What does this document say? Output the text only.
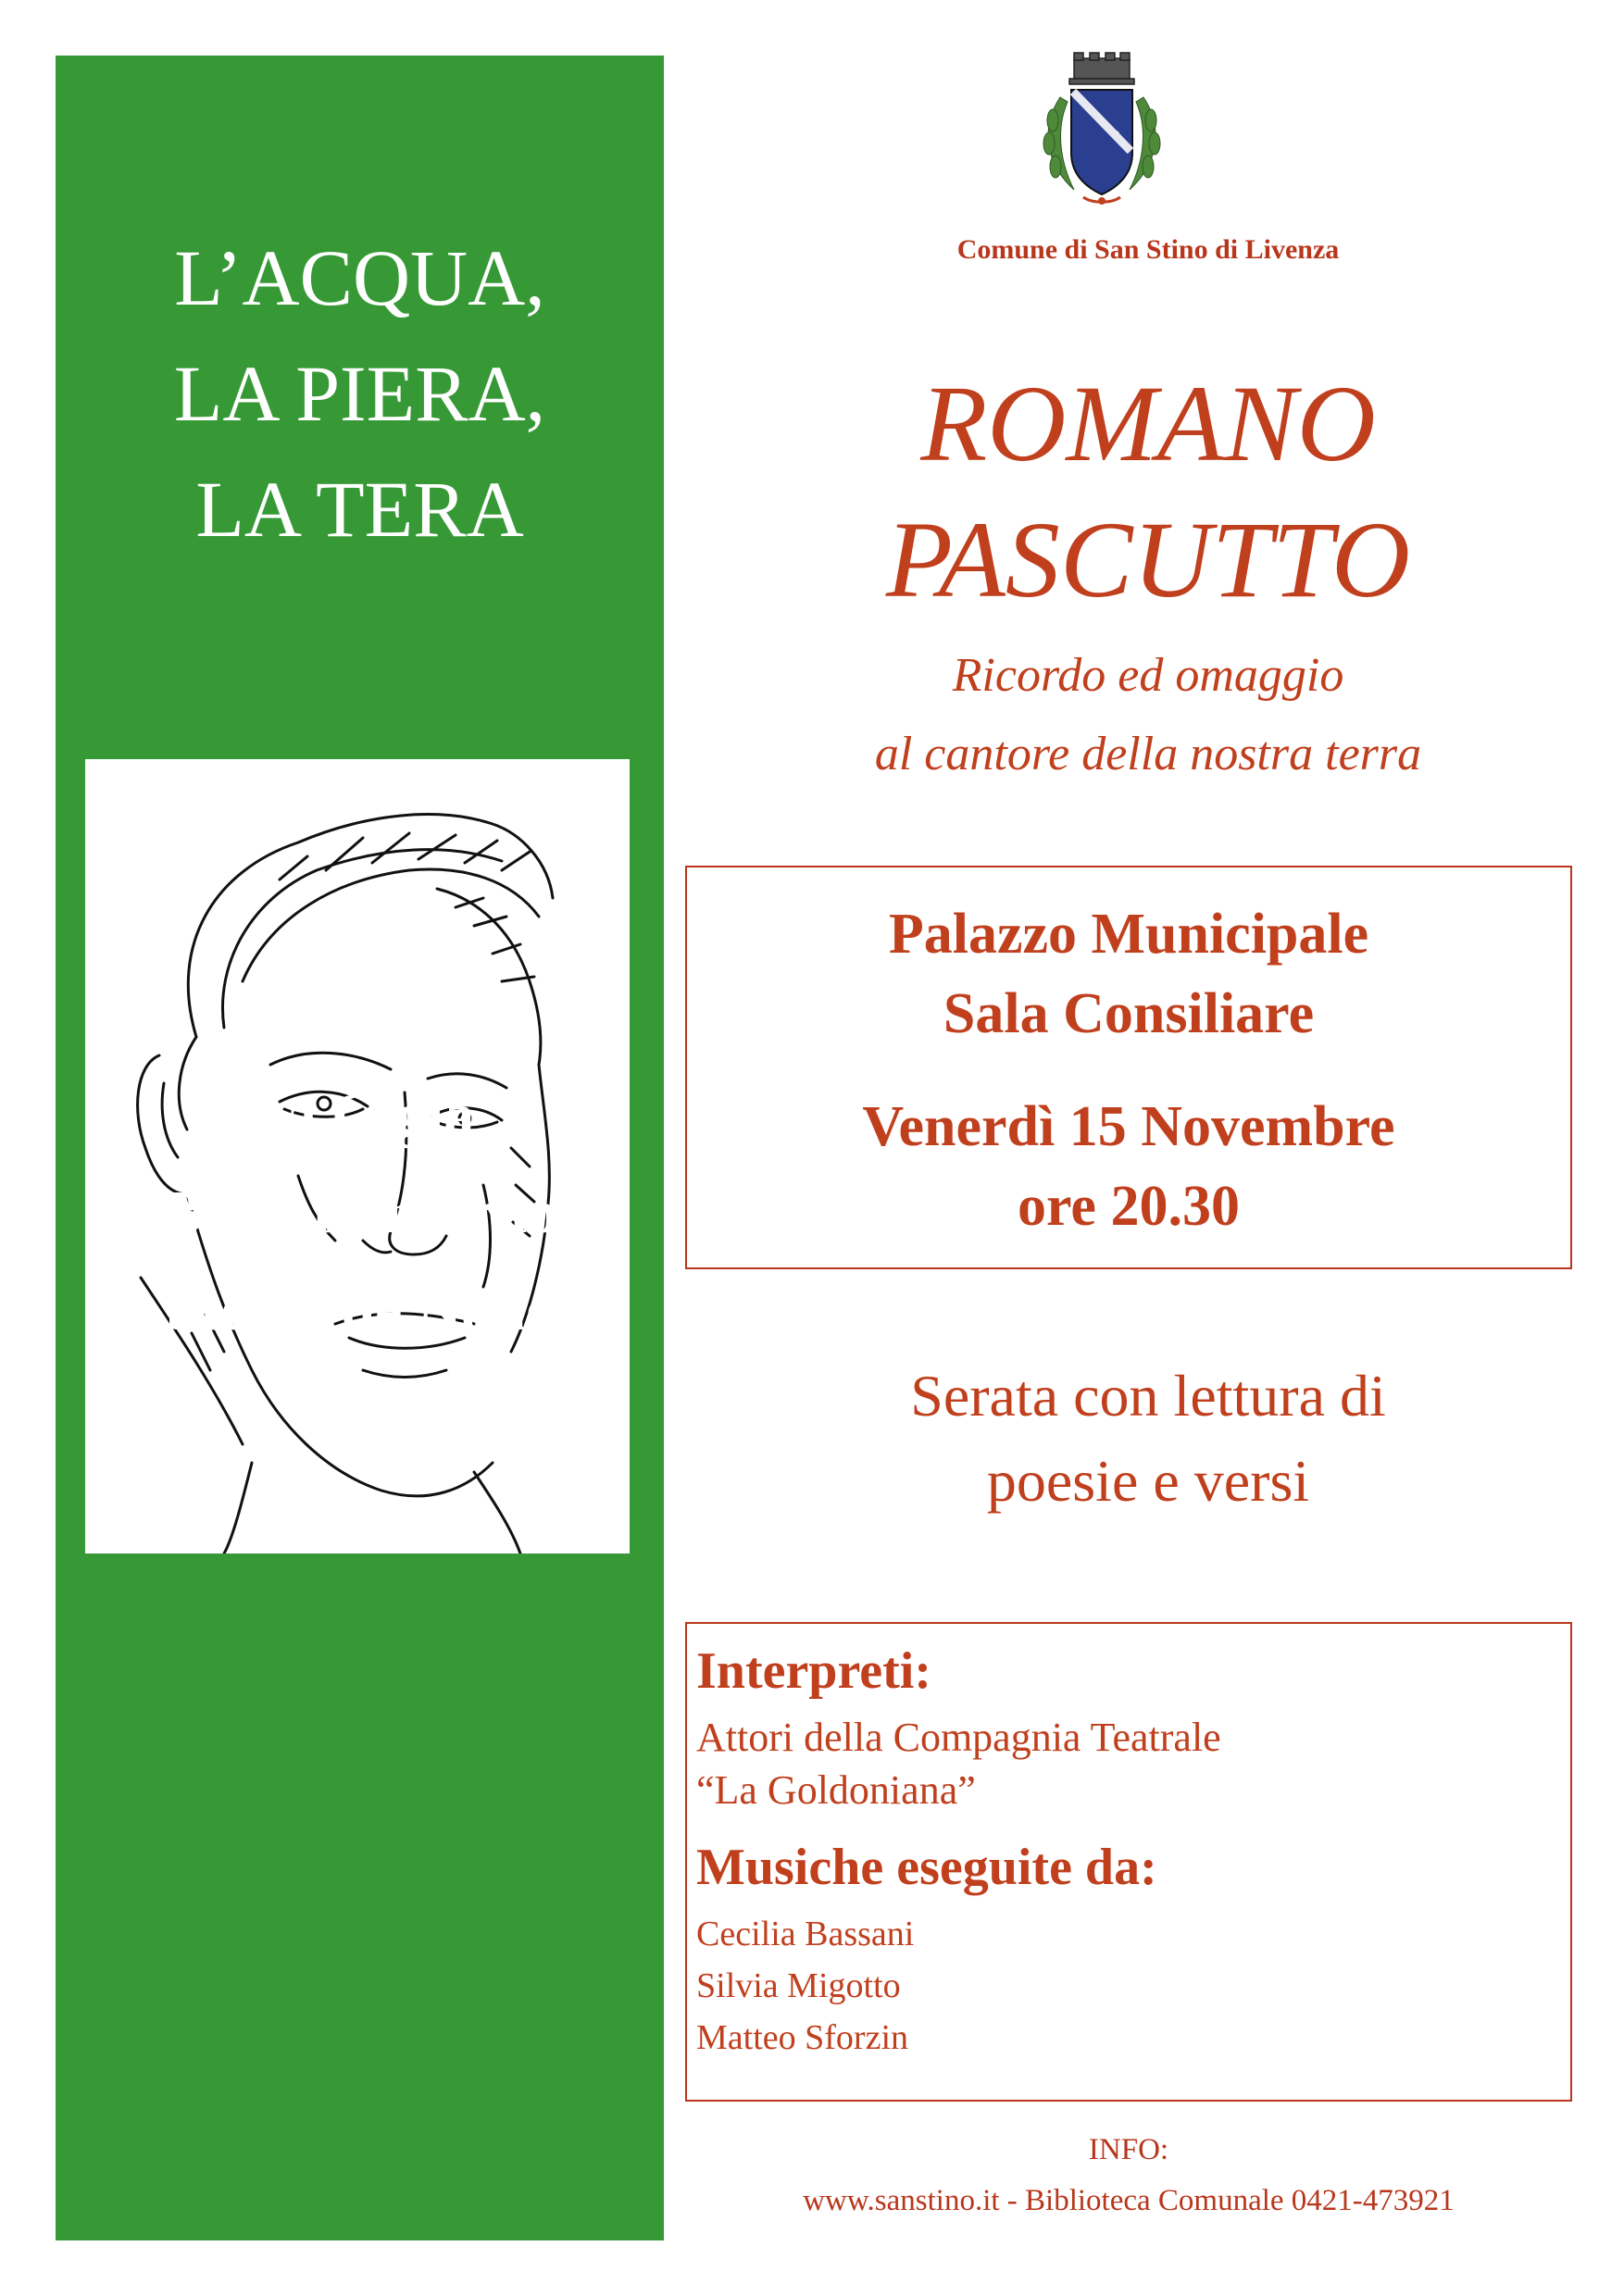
L’ACQUA,
LA PIERA,
LA TERA
La Gigia
Birt all’inferno
Storia de Nane
Comune di San Stino di Livenza
ROMANO
PASCUTTO
Ricordo ed omaggio
al cantore della nostra terra
Palazzo Municipale
Sala Consiliare
Venerdì 15 Novembre
ore 20.30
Serata con lettura di
poesie e versi
Interpreti:
Attori della Compagnia Teatrale
“La Goldoniana”
Musiche eseguite da:
Cecilia Bassani
Silvia Migotto
Matteo Sforzin
INFO:
www.sanstino.it - Biblioteca Comunale 0421-473921
